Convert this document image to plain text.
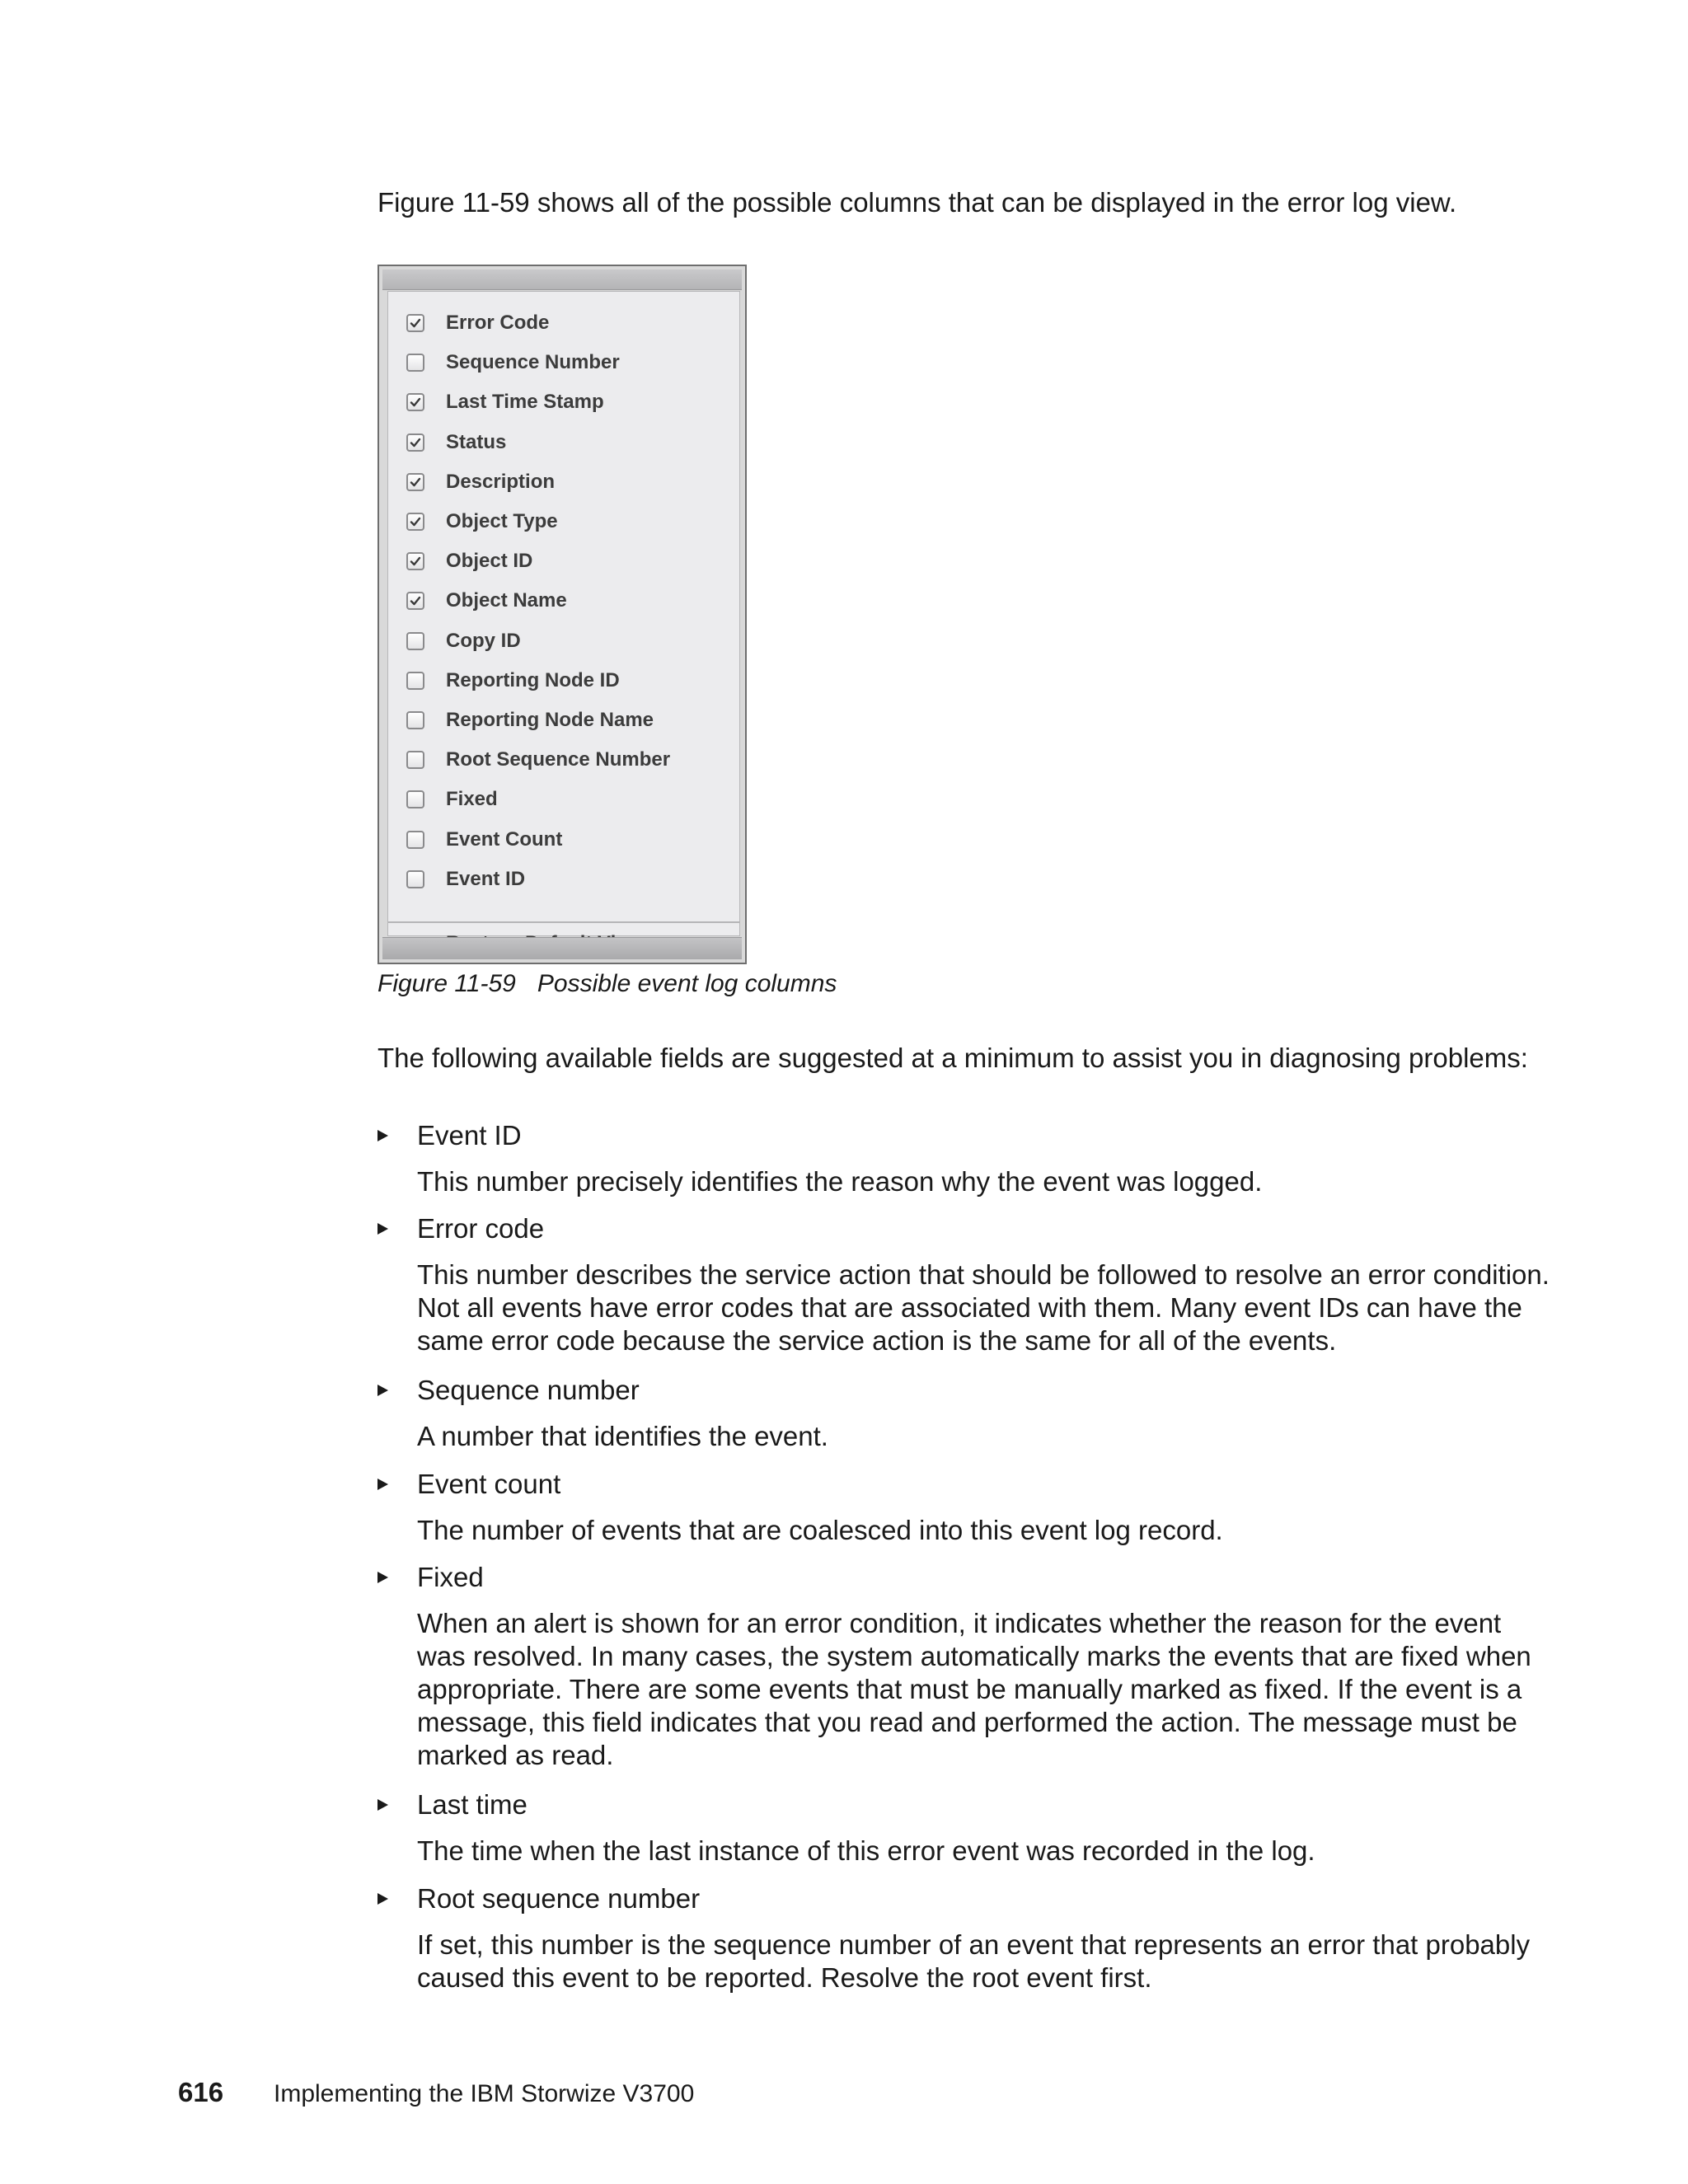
Figure 11-59 shows all of the possible columns that can be displayed in the error log view.

Error Code
Sequence Number
Last Time Stamp
Status
Description
Object Type
Object ID
Object Name
Copy ID
Reporting Node ID
Reporting Node Name
Root Sequence Number
Fixed
Event Count
Event ID

Figure 11-59 Possible event log columns

The following available fields are suggested at a minimum to assist you in diagnosing problems:

Event ID

This number precisely identifies the reason why the event was logged.

Error code

This number describes the service action that should be followed to resolve an error condition. Not all events have error codes that are associated with them. Many event IDs can have the same error code because the service action is the same for all of the events.

Sequence number

A number that identifies the event.

Event count

The number of events that are coalesced into this event log record.

Fixed

When an alert is shown for an error condition, it indicates whether the reason for the event was resolved. In many cases, the system automatically marks the events that are fixed when appropriate. There are some events that must be manually marked as fixed. If the event is a message, this field indicates that you read and performed the action. The message must be marked as read.

Last time

The time when the last instance of this error event was recorded in the log.

Root sequence number

If set, this number is the sequence number of an event that represents an error that probably caused this event to be reported. Resolve the root event first.

616	Implementing the IBM Storwize V3700
